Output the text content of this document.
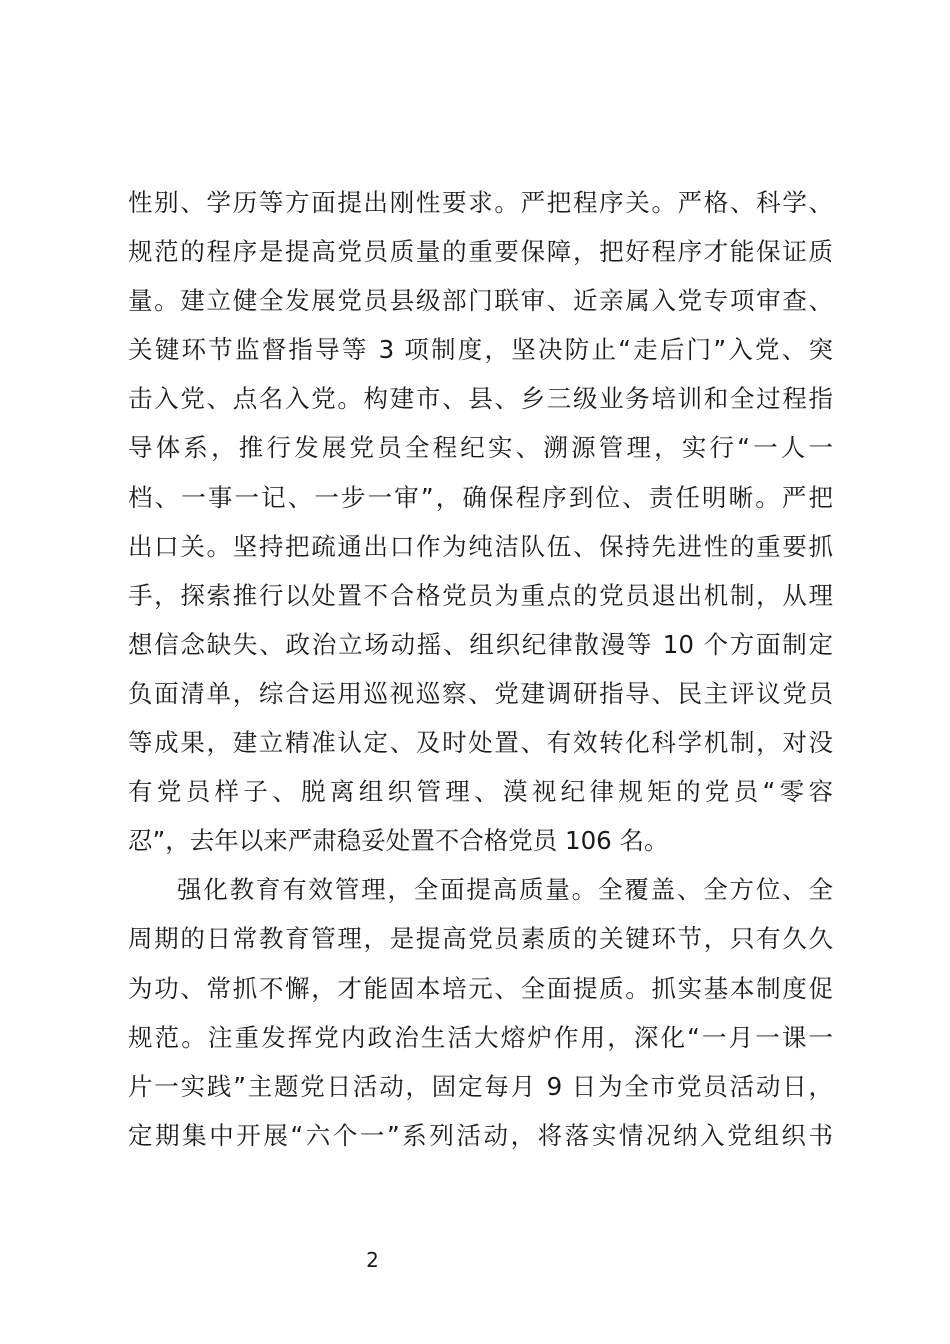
性别、学历等方面提出刚性要求。严把程序关。严格、科学、
规范的程序是提高党员质量的重要保障，把好程序才能保证质
量。建立健全发展党员县级部门联审、近亲属入党专项审查、
关键环节监督指导等 3 项制度，坚决防止“走后门”入党、突
击入党、点名入党。构建市、县、乡三级业务培训和全过程指
导体系，推行发展党员全程纪实、溯源管理，实行“一人一
档、一事一记、一步一审”，确保程序到位、责任明晰。严把
出口关。坚持把疏通出口作为纯洁队伍、保持先进性的重要抓
手，探索推行以处置不合格党员为重点的党员退出机制，从理
想信念缺失、政治立场动摇、组织纪律散漫等 10 个方面制定
负面清单，综合运用巡视巡察、党建调研指导、民主评议党员
等成果，建立精准认定、及时处置、有效转化科学机制，对没
有党员样子、脱离组织管理、漠视纪律规矩的党员“零容
忍”，去年以来严肃稳妥处置不合格党员 106 名。
强化教育有效管理，全面提高质量。全覆盖、全方位、全
周期的日常教育管理，是提高党员素质的关键环节，只有久久
为功、常抓不懈，才能固本培元、全面提质。抓实基本制度促
规范。注重发挥党内政治生活大熔炉作用，深化“一月一课一
片一实践”主题党日活动，固定每月 9 日为全市党员活动日，
定期集中开展“六个一”系列活动，将落实情况纳入党组织书
2
